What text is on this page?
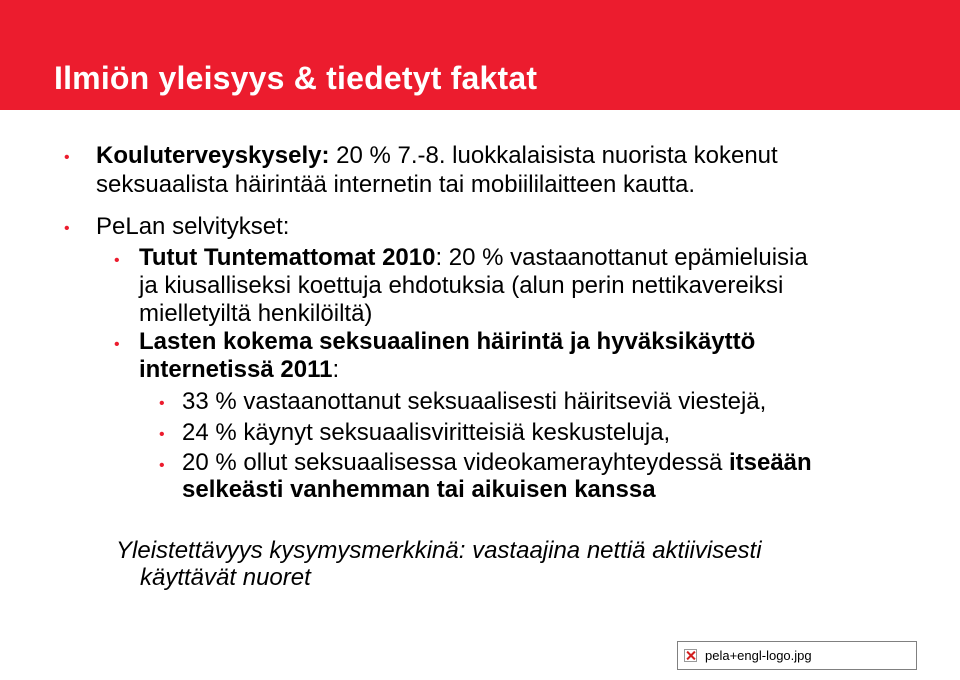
Ilmiön yleisyys & tiedetyt faktat
• Kouluterveyskysely: 20 % 7.-8. luokkalaisista nuorista kokenut
seksuaalista häirintää internetin tai mobiililaitteen kautta.
• PeLan selvitykset:
• Tutut Tuntemattomat 2010: 20 % vastaanottanut epämieluisia
ja kiusalliseksi koettuja ehdotuksia (alun perin nettikavereiksi
mielletyiltä henkilöiltä)
• Lasten kokema seksuaalinen häirintä ja hyväksikäyttö
internetissä 2011:
• 33 % vastaanottanut seksuaalisesti häiritseviä viestejä,
• 24 % käynyt seksuaalisviritteisiä keskusteluja,
• 20 % ollut seksuaalisessa videokamerayhteydessä itseään
selkeästi vanhemman tai aikuisen kanssa
Yleistettävyys kysymysmerkkinä: vastaajina nettiä aktiivisesti
käyttävät nuoret
pela+engl-logo.jpg
